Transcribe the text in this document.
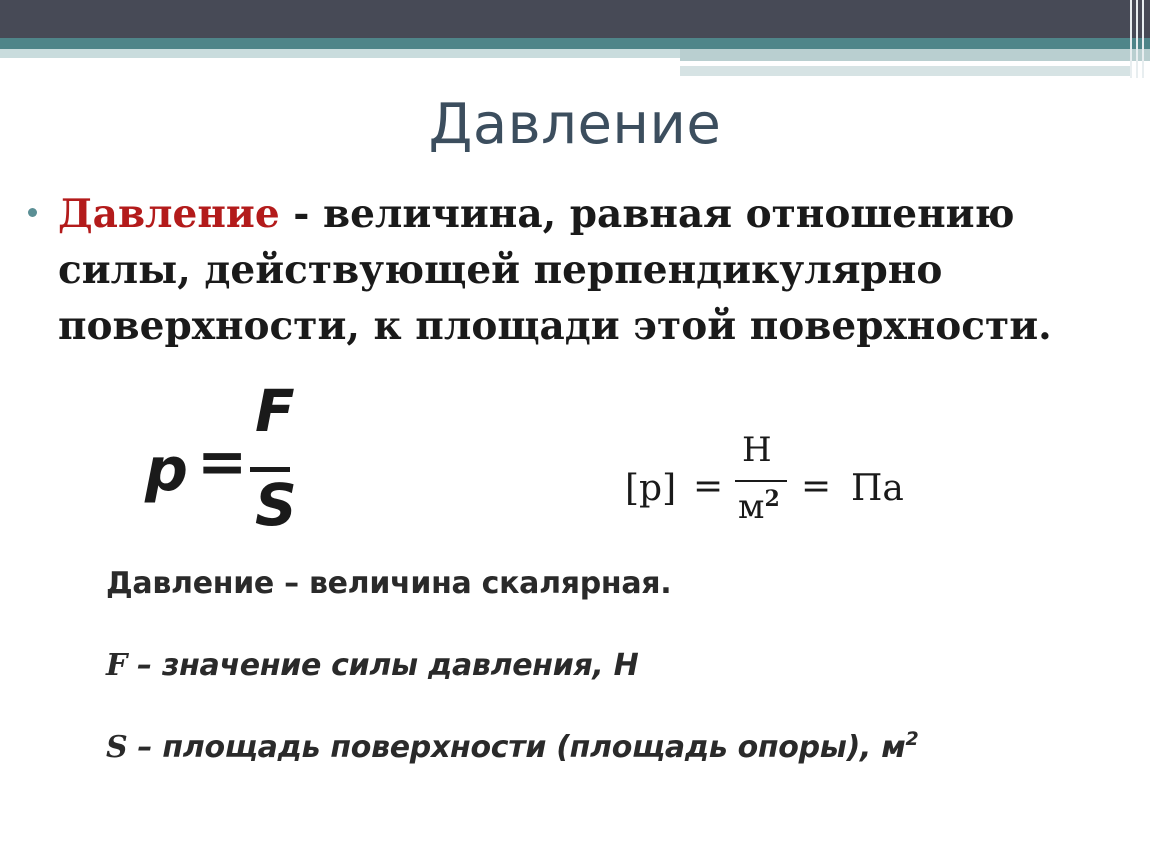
Давление
Давление - величина, равная отношению
силы, действующей перпендикулярно
поверхности, к площади этой поверхности.
p =
F
S	[p] =
Н
$м^2$ = Па
Давление – величина скалярная.
F – значение силы давления, Н
S – площадь поверхности (площадь опоры), $м^2$
